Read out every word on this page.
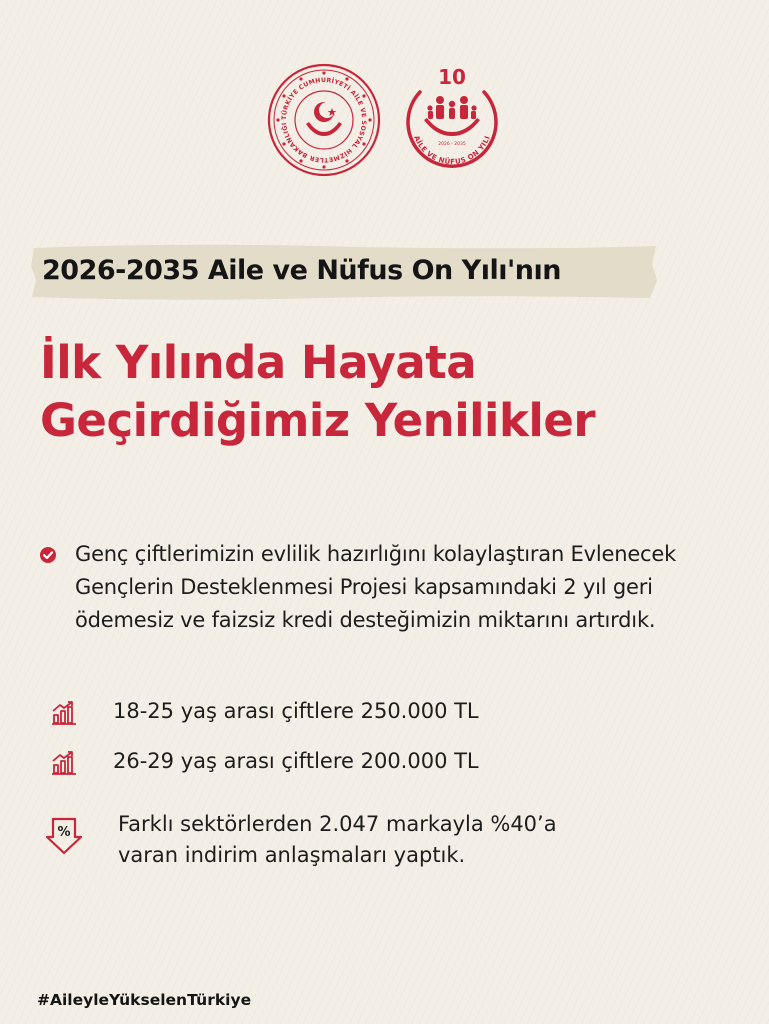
TÜRKİYE CUMHURİYETİ AİLE VE SOSYAL HİZMETLER BAKANLIĞI
10
2026 - 2035
AİLE VE NÜFUS ON YILI
2026-2035 Aile ve Nüfus On Yılı'nın
İlk Yılında Hayata
Geçirdiğimiz Yenilikler

Genç çiftlerimizin evlilik hazırlığını kolaylaştıran Evlenecek Gençlerin Desteklenmesi Projesi kapsamındaki 2 yıl geri ödemesiz ve faizsiz kredi desteğimizin miktarını artırdık.

18-25 yaş arası çiftlere 250.000 TL
26-29 yaş arası çiftlere 200.000 TL
% Farklı sektörlerden 2.047 markayla %40’a
varan indirim anlaşmaları yaptık.

#AileyleYükselenTürkiye
